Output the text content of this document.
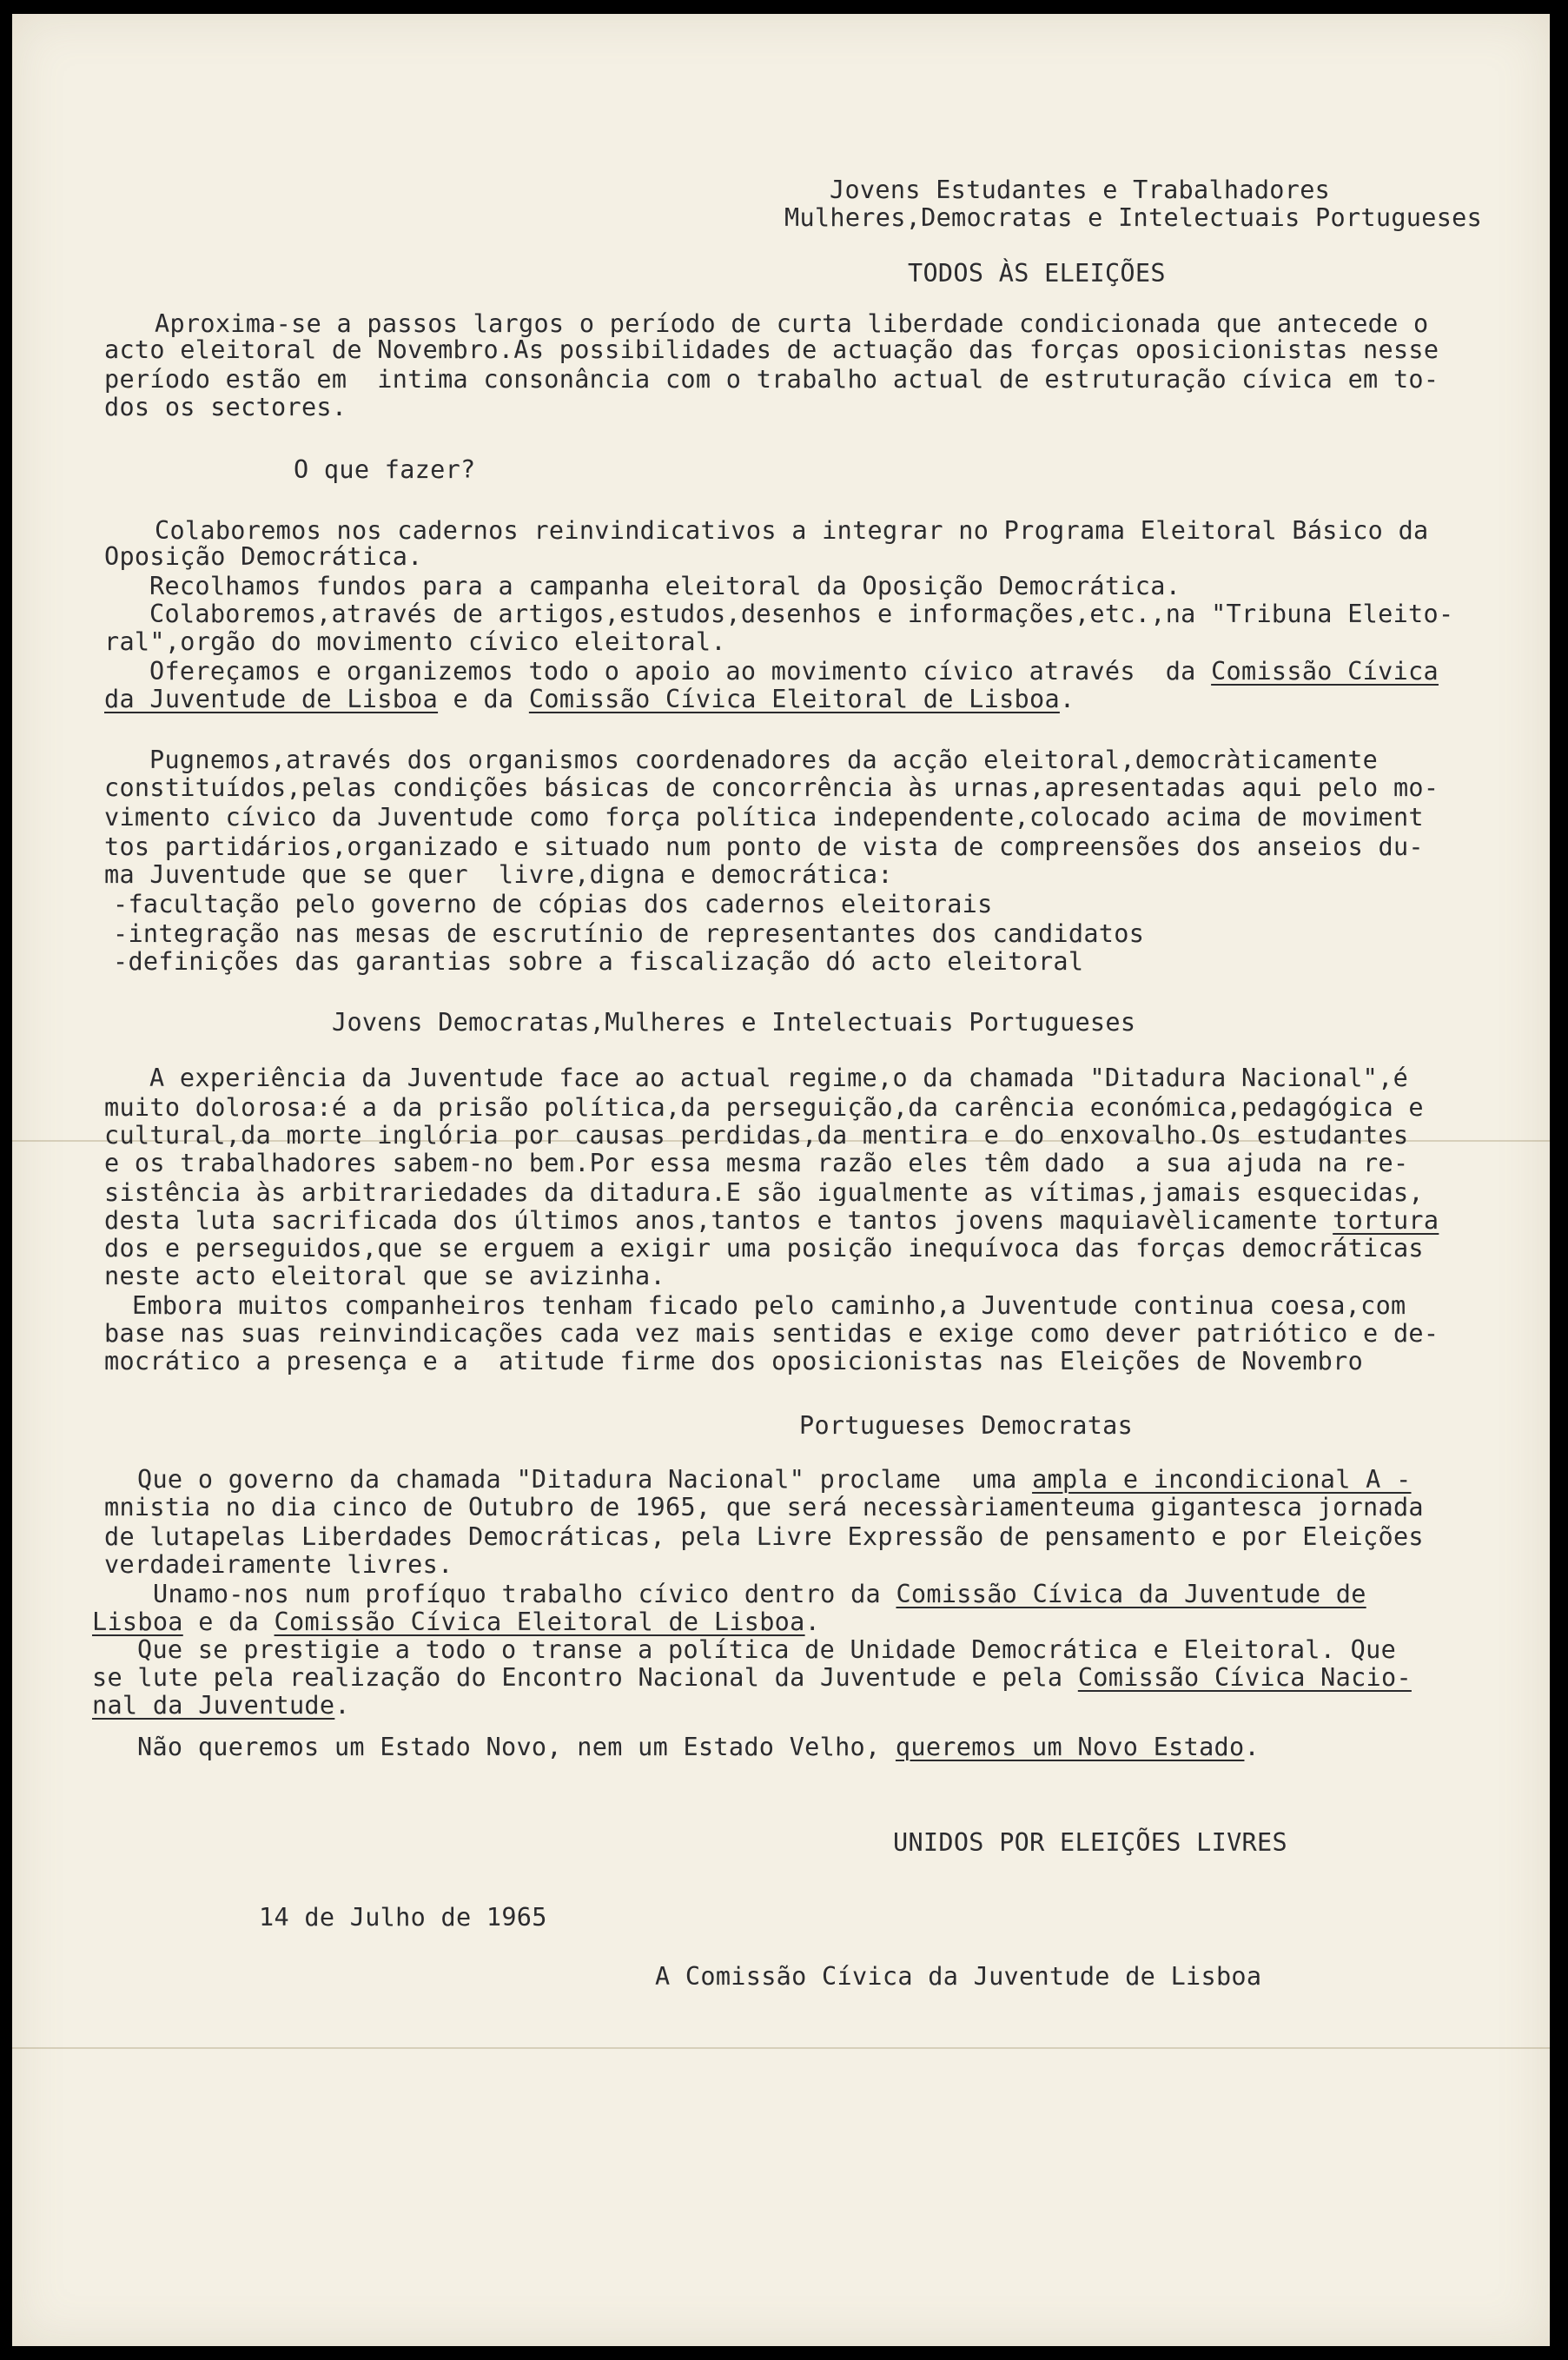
Jovens Estudantes e Trabalhadores
Mulheres,Democratas e Intelectuais Portugueses
TODOS ÀS ELEIÇÕES
Aproxima-se a passos largos o período de curta liberdade condicionada que antecede o
acto eleitoral de Novembro.As possibilidades de actuação das forças oposicionistas nesse
período estão em  intima consonância com o trabalho actual de estruturação cívica em to-
dos os sectores.
O que fazer?
Colaboremos nos cadernos reinvindicativos a integrar no Programa Eleitoral Básico da
Oposição Democrática.
Recolhamos fundos para a campanha eleitoral da Oposição Democrática.
Colaboremos,através de artigos,estudos,desenhos e informações,etc.,na "Tribuna Eleito-
ral",orgão do movimento cívico eleitoral.
Ofereçamos e organizemos todo o apoio ao movimento cívico através  da Comissão Cívica
da Juventude de Lisboa e da Comissão Cívica Eleitoral de Lisboa.
Pugnemos,através dos organismos coordenadores da acção eleitoral,democràticamente
constituídos,pelas condições básicas de concorrência às urnas,apresentadas aqui pelo mo-
vimento cívico da Juventude como força política independente,colocado acima de moviment
tos partidários,organizado e situado num ponto de vista de compreensões dos anseios du-
ma Juventude que se quer  livre,digna e democrática:
-facultação pelo governo de cópias dos cadernos eleitorais
-integração nas mesas de escrutínio de representantes dos candidatos
-definições das garantias sobre a fiscalização dó acto eleitoral
Jovens Democratas,Mulheres e Intelectuais Portugueses
A experiência da Juventude face ao actual regime,o da chamada "Ditadura Nacional",é
muito dolorosa:é a da prisão política,da perseguição,da carência económica,pedagógica e
cultural,da morte inglória por causas perdidas,da mentira e do enxovalho.Os estudantes
e os trabalhadores sabem-no bem.Por essa mesma razão eles têm dado  a sua ajuda na re-
sistência às arbitrariedades da ditadura.E são igualmente as vítimas,jamais esquecidas,
desta luta sacrificada dos últimos anos,tantos e tantos jovens maquiavèlicamente tortura
dos e perseguidos,que se erguem a exigir uma posição inequívoca das forças democráticas
neste acto eleitoral que se avizinha.
Embora muitos companheiros tenham ficado pelo caminho,a Juventude continua coesa,com
base nas suas reinvindicações cada vez mais sentidas e exige como dever patriótico e de-
mocrático a presença e a  atitude firme dos oposicionistas nas Eleições de Novembro
Portugueses Democratas
Que o governo da chamada "Ditadura Nacional" proclame  uma ampla e incondicional A -
mnistia no dia cinco de Outubro de 1965, que será necessàriamenteuma gigantesca jornada
de lutapelas Liberdades Democráticas, pela Livre Expressão de pensamento e por Eleições
verdadeiramente livres.
Unamo-nos num profíquo trabalho cívico dentro da Comissão Cívica da Juventude de
Lisboa e da Comissão Cívica Eleitoral de Lisboa.
Que se prestigie a todo o transe a política de Unidade Democrática e Eleitoral. Que
se lute pela realização do Encontro Nacional da Juventude e pela Comissão Cívica Nacio-
nal da Juventude.
Não queremos um Estado Novo, nem um Estado Velho, queremos um Novo Estado.
UNIDOS POR ELEIÇÕES LIVRES
14 de Julho de 1965
A Comissão Cívica da Juventude de Lisboa
